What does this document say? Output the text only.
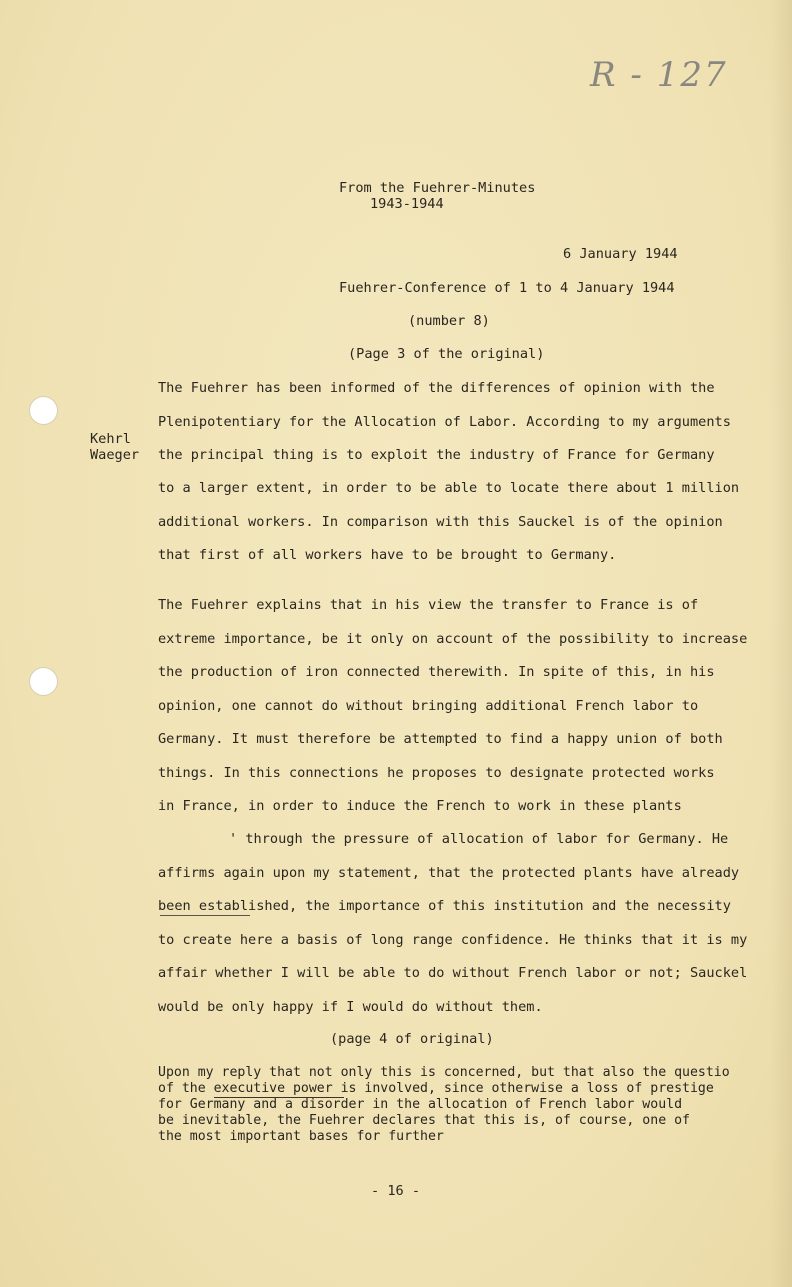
R - 127
From the Fuehrer-Minutes
1943-1944
6 January 1944
Fuehrer-Conference of 1 to 4 January 1944
(number 8)
(Page 3 of the original)
Kehrl
Waeger
The Fuehrer has been informed of the differences of opinion with the
Plenipotentiary for the Allocation of Labor. According to my arguments
the principal thing is to exploit the industry of France for Germany
to a larger extent, in order to be able to locate there about 1 million
additional workers. In comparison with this Sauckel is of the opinion
that first of all workers have to be brought to Germany.
The Fuehrer explains that in his view the transfer to France is of
extreme importance, be it only on account of the possibility to increase
the production of iron connected therewith. In spite of this, in his
opinion, one cannot do without bringing additional French labor to
Germany. It must therefore be attempted to find a happy union of both
things. In this connections he proposes to designate protected works
in France, in order to induce the French to work in these plants
' through the pressure of allocation of labor for Germany. He
affirms again upon my statement, that the protected plants have already
been established, the importance of this institution and the necessity
to create here a basis of long range confidence. He thinks that it is my
affair whether I will be able to do without French labor or not; Sauckel
would be only happy if I would do without them.
(page 4 of original)
Upon my reply that not only this is concerned, but that also the questio
of the executive power is involved, since otherwise a loss of prestige
for Germany and a disorder in the allocation of French labor would
be inevitable, the Fuehrer declares that this is, of course, one of
the most important bases for further
- 16 -
